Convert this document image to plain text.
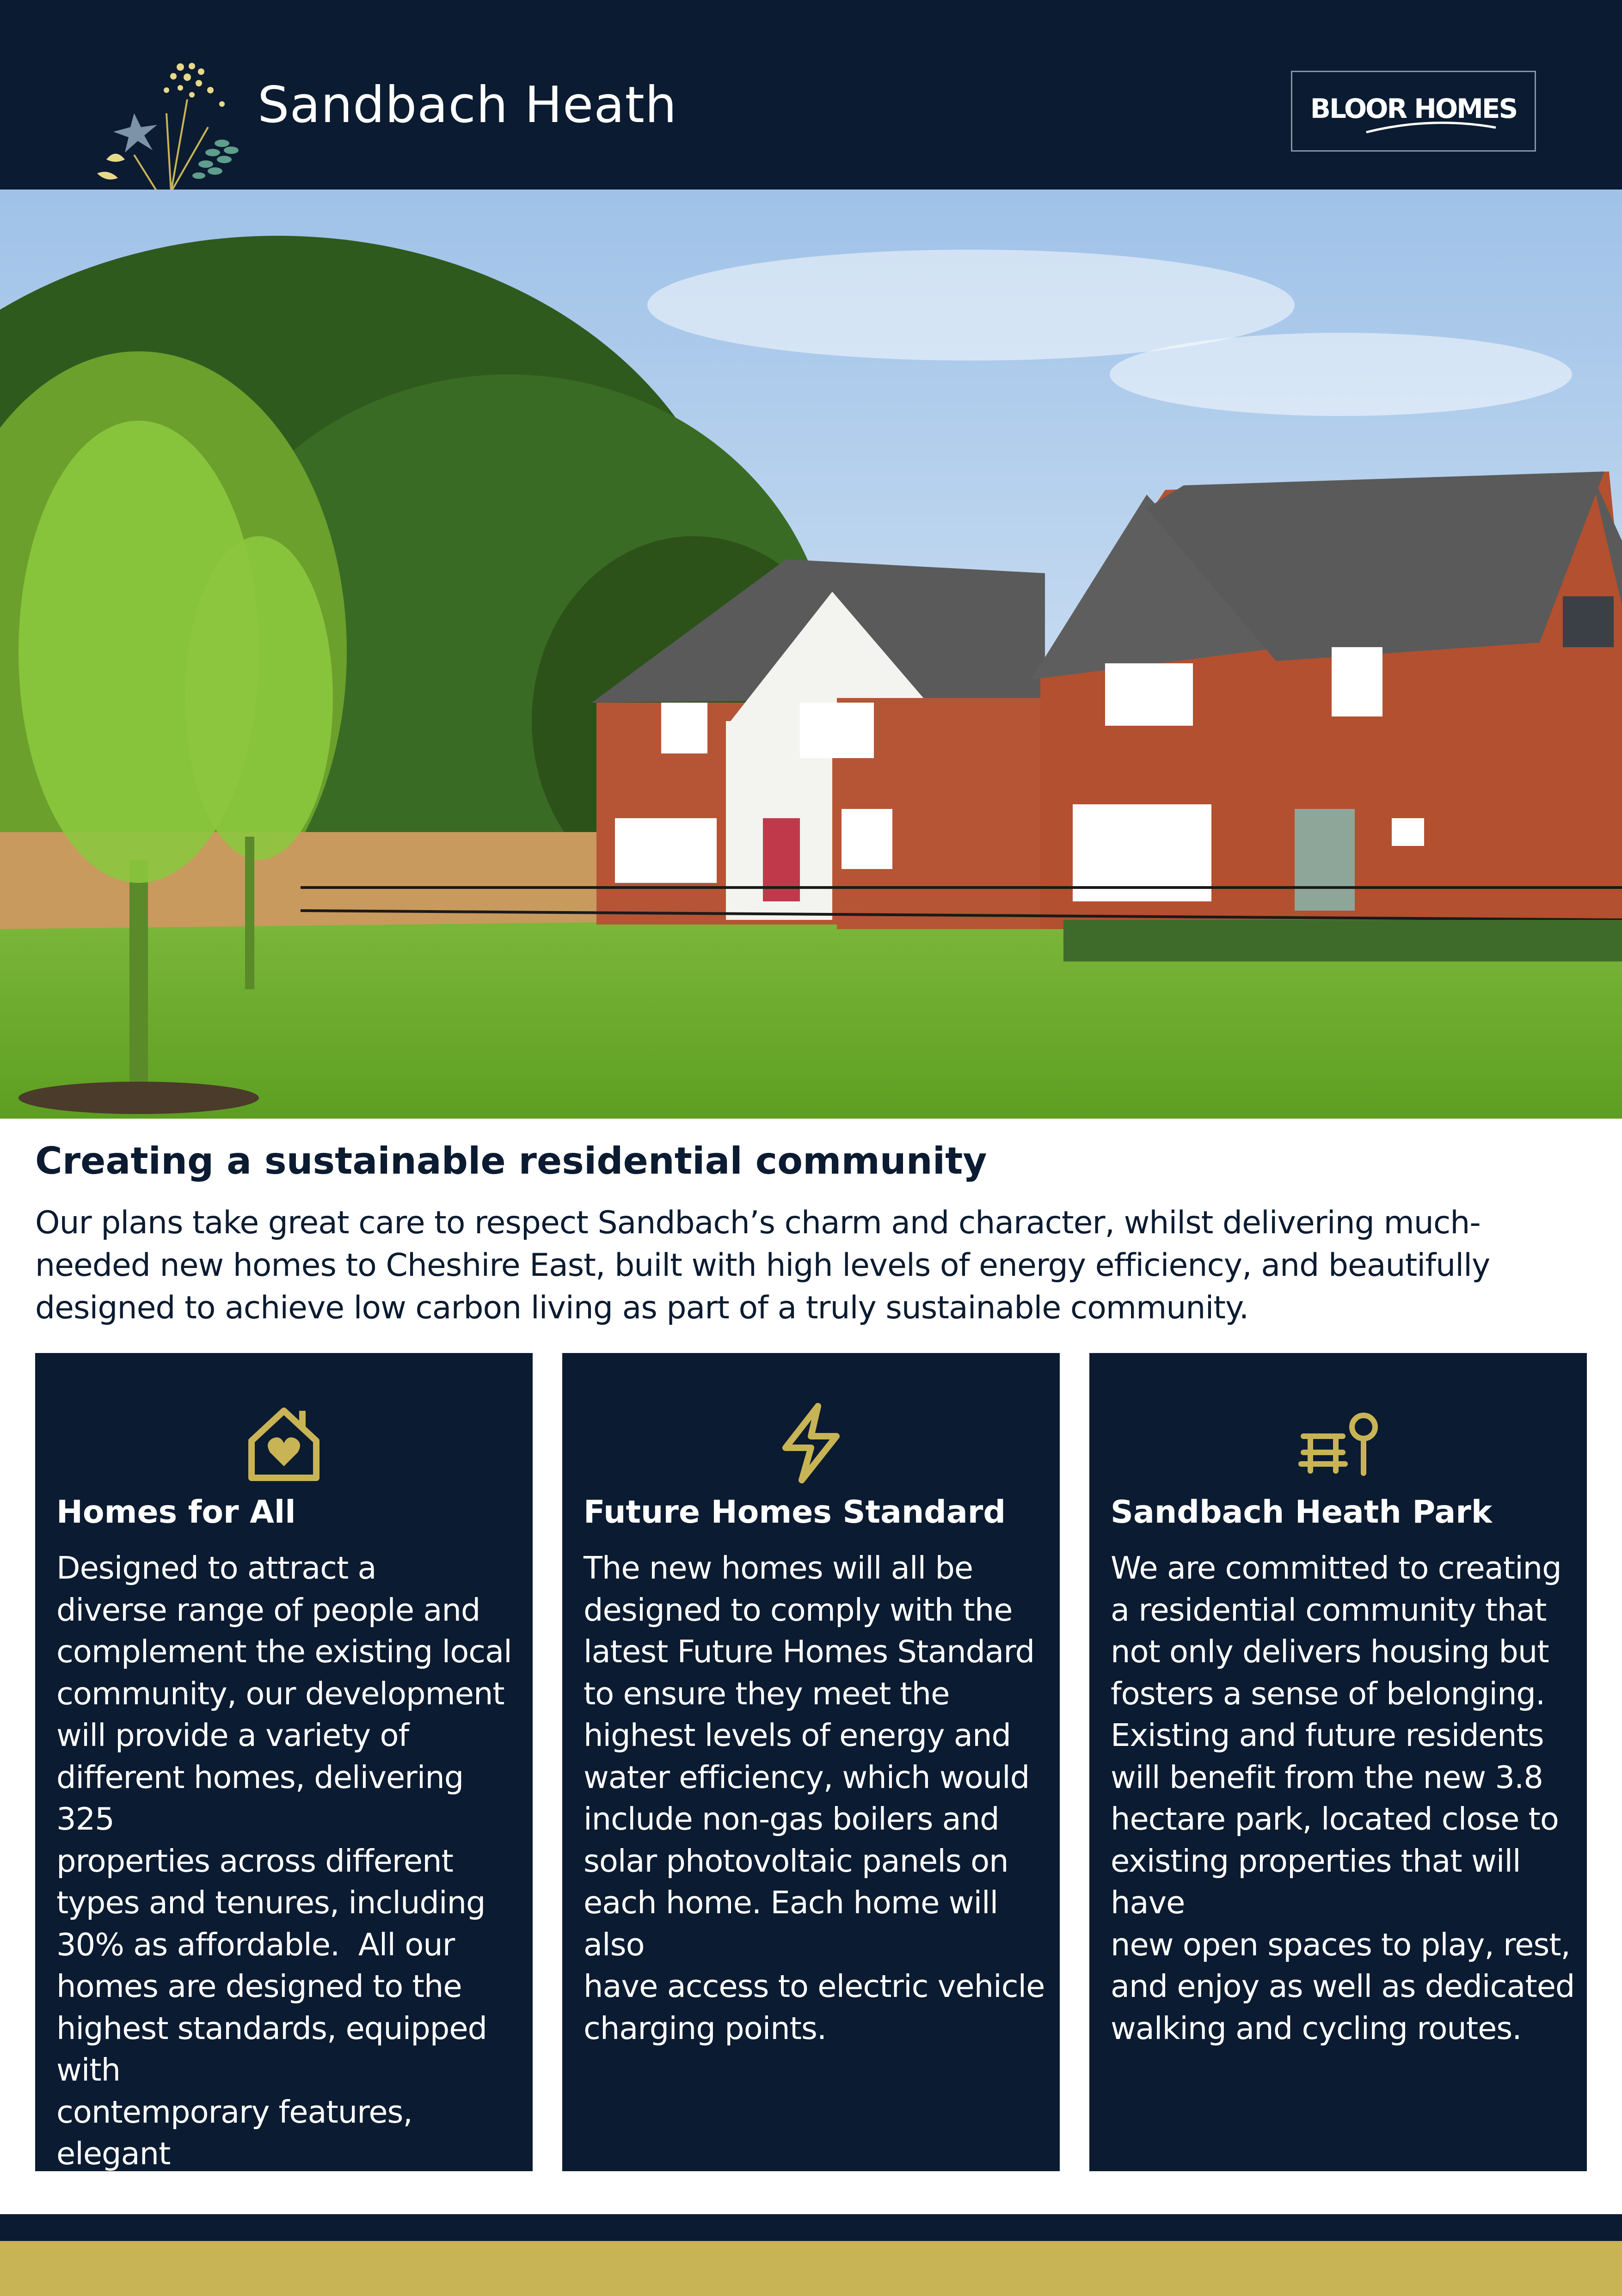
Sandbach Heath	BLOOR HOMES
Creating a sustainable residential community
Our plans take great care to respect Sandbach’s charm and character, whilst delivering much-needed new homes to Cheshire East, built with high levels of energy efficiency, and beautifully designed to achieve low carbon living as part of a truly sustainable community.
Homes for All
Designed to attract a
diverse range of people and
complement the existing local
community, our development
will provide a variety of
different homes, delivering 325
properties across different
types and tenures, including
30% as affordable.  All our
homes are designed to the
highest standards, equipped with
contemporary features, elegant
furnishing and energy efficient
Future Homes Standard
The new homes will all be
designed to comply with the
latest Future Homes Standard
to ensure they meet the
highest levels of energy and
water efficiency, which would
include non-gas boilers and
solar photovoltaic panels on
each home. Each home will also
have access to electric vehicle
charging points.
Sandbach Heath Park
We are committed to creating
a residential community that
not only delivers housing but
fosters a sense of belonging.
Existing and future residents
will benefit from the new 3.8
hectare park, located close to
existing properties that will have
new open spaces to play, rest,
and enjoy as well as dedicated
walking and cycling routes.
